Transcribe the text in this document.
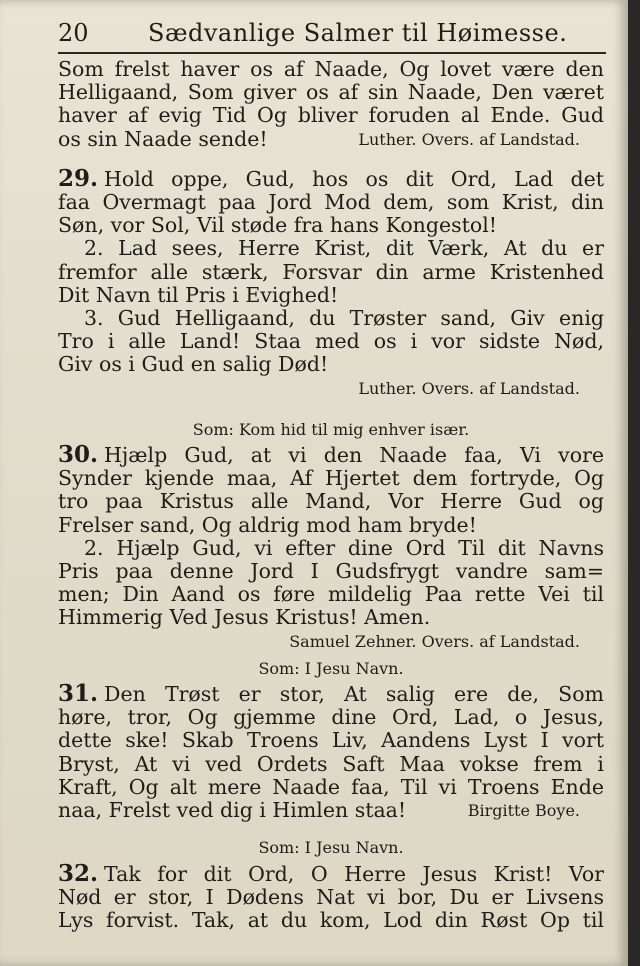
20 Sædvanlige Salmer til Høimesse.
Som frelst haver os af Naade, Og lovet være den
Helligaand, Som giver os af sin Naade, Den været
haver af evig Tid Og bliver foruden al Ende. Gud
os sin Naade sende!	Luther. Overs. af Landstad.
29. Hold oppe, Gud, hos os dit Ord, Lad det
faa Overmagt paa Jord Mod dem, som Krist, din
Søn, vor Sol, Vil støde fra hans Kongestol!
2. Lad sees, Herre Krist, dit Værk, At du er
fremfor alle stærk, Forsvar din arme Kristenhed
Dit Navn til Pris i Evighed!
3. Gud Helligaand, du Trøster sand, Giv enig
Tro i alle Land! Staa med os i vor sidste Nød,
Giv os i Gud en salig Død!
Luther. Overs. af Landstad.
Som: Kom hid til mig enhver især.
30. Hjælp Gud, at vi den Naade faa, Vi vore
Synder kjende maa, Af Hjertet dem fortryde, Og
tro paa Kristus alle Mand, Vor Herre Gud og
Frelser sand, Og aldrig mod ham bryde!
2. Hjælp Gud, vi efter dine Ord Til dit Navns
Pris paa denne Jord I Gudsfrygt vandre sam=
men; Din Aand os føre mildelig Paa rette Vei til
Himmerig Ved Jesus Kristus! Amen.
Samuel Zehner. Overs. af Landstad.
Som: I Jesu Navn.
31. Den Trøst er stor, At salig ere de, Som
høre, tror, Og gjemme dine Ord, Lad, o Jesus,
dette ske! Skab Troens Liv, Aandens Lyst I vort
Bryst, At vi ved Ordets Saft Maa vokse frem i
Kraft, Og alt mere Naade faa, Til vi Troens Ende
naa, Frelst ved dig i Himlen staa!	Birgitte Boye.
Som: I Jesu Navn.
32. Tak for dit Ord, O Herre Jesus Krist! Vor
Nød er stor, I Dødens Nat vi bor, Du er Livsens
Lys forvist. Tak, at du kom, Lod din Røst Op til
